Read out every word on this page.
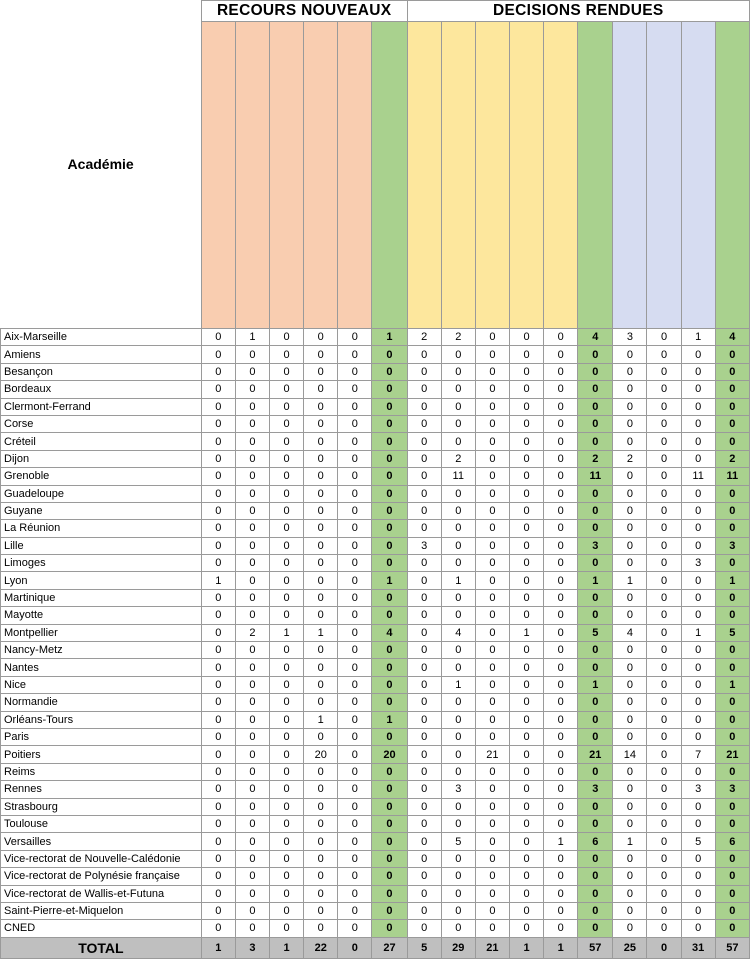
Académie	RECOURS NOUVEAUX						DECISIONS RENDUES									

Aix-Marseille	0	1	0	0	0	1	2	2	0	0	0	4	3	0	1	4
Amiens	0	0	0	0	0	0	0	0	0	0	0	0	0	0	0	0
Besançon	0	0	0	0	0	0	0	0	0	0	0	0	0	0	0	0
Bordeaux	0	0	0	0	0	0	0	0	0	0	0	0	0	0	0	0
Clermont-Ferrand	0	0	0	0	0	0	0	0	0	0	0	0	0	0	0	0
Corse	0	0	0	0	0	0	0	0	0	0	0	0	0	0	0	0
Créteil	0	0	0	0	0	0	0	0	0	0	0	0	0	0	0	0
Dijon	0	0	0	0	0	0	0	2	0	0	0	2	2	0	0	2
Grenoble	0	0	0	0	0	0	0	11	0	0	0	11	0	0	11	11
Guadeloupe	0	0	0	0	0	0	0	0	0	0	0	0	0	0	0	0
Guyane	0	0	0	0	0	0	0	0	0	0	0	0	0	0	0	0
La Réunion	0	0	0	0	0	0	0	0	0	0	0	0	0	0	0	0
Lille	0	0	0	0	0	0	3	0	0	0	0	3	0	0	0	3
Limoges	0	0	0	0	0	0	0	0	0	0	0	0	0	0	3	0
Lyon	1	0	0	0	0	1	0	1	0	0	0	1	1	0	0	1
Martinique	0	0	0	0	0	0	0	0	0	0	0	0	0	0	0	0
Mayotte	0	0	0	0	0	0	0	0	0	0	0	0	0	0	0	0
Montpellier	0	2	1	1	0	4	0	4	0	1	0	5	4	0	1	5
Nancy-Metz	0	0	0	0	0	0	0	0	0	0	0	0	0	0	0	0
Nantes	0	0	0	0	0	0	0	0	0	0	0	0	0	0	0	0
Nice	0	0	0	0	0	0	0	1	0	0	0	1	0	0	0	1
Normandie	0	0	0	0	0	0	0	0	0	0	0	0	0	0	0	0
Orléans-Tours	0	0	0	1	0	1	0	0	0	0	0	0	0	0	0	0
Paris	0	0	0	0	0	0	0	0	0	0	0	0	0	0	0	0
Poitiers	0	0	0	20	0	20	0	0	21	0	0	21	14	0	7	21
Reims	0	0	0	0	0	0	0	0	0	0	0	0	0	0	0	0
Rennes	0	0	0	0	0	0	0	3	0	0	0	3	0	0	3	3
Strasbourg	0	0	0	0	0	0	0	0	0	0	0	0	0	0	0	0
Toulouse	0	0	0	0	0	0	0	0	0	0	0	0	0	0	0	0
Versailles	0	0	0	0	0	0	0	5	0	0	1	6	1	0	5	6
Vice-rectorat de Nouvelle-Calédonie	0	0	0	0	0	0	0	0	0	0	0	0	0	0	0	0
Vice-rectorat de Polynésie française	0	0	0	0	0	0	0	0	0	0	0	0	0	0	0	0
Vice-rectorat de Wallis-et-Futuna	0	0	0	0	0	0	0	0	0	0	0	0	0	0	0	0
Saint-Pierre-et-Miquelon	0	0	0	0	0	0	0	0	0	0	0	0	0	0	0	0
CNED	0	0	0	0	0	0	0	0	0	0	0	0	0	0	0	0
TOTAL	1	3	1	22	0	27	5	29	21	1	1	57	25	0	31	57
